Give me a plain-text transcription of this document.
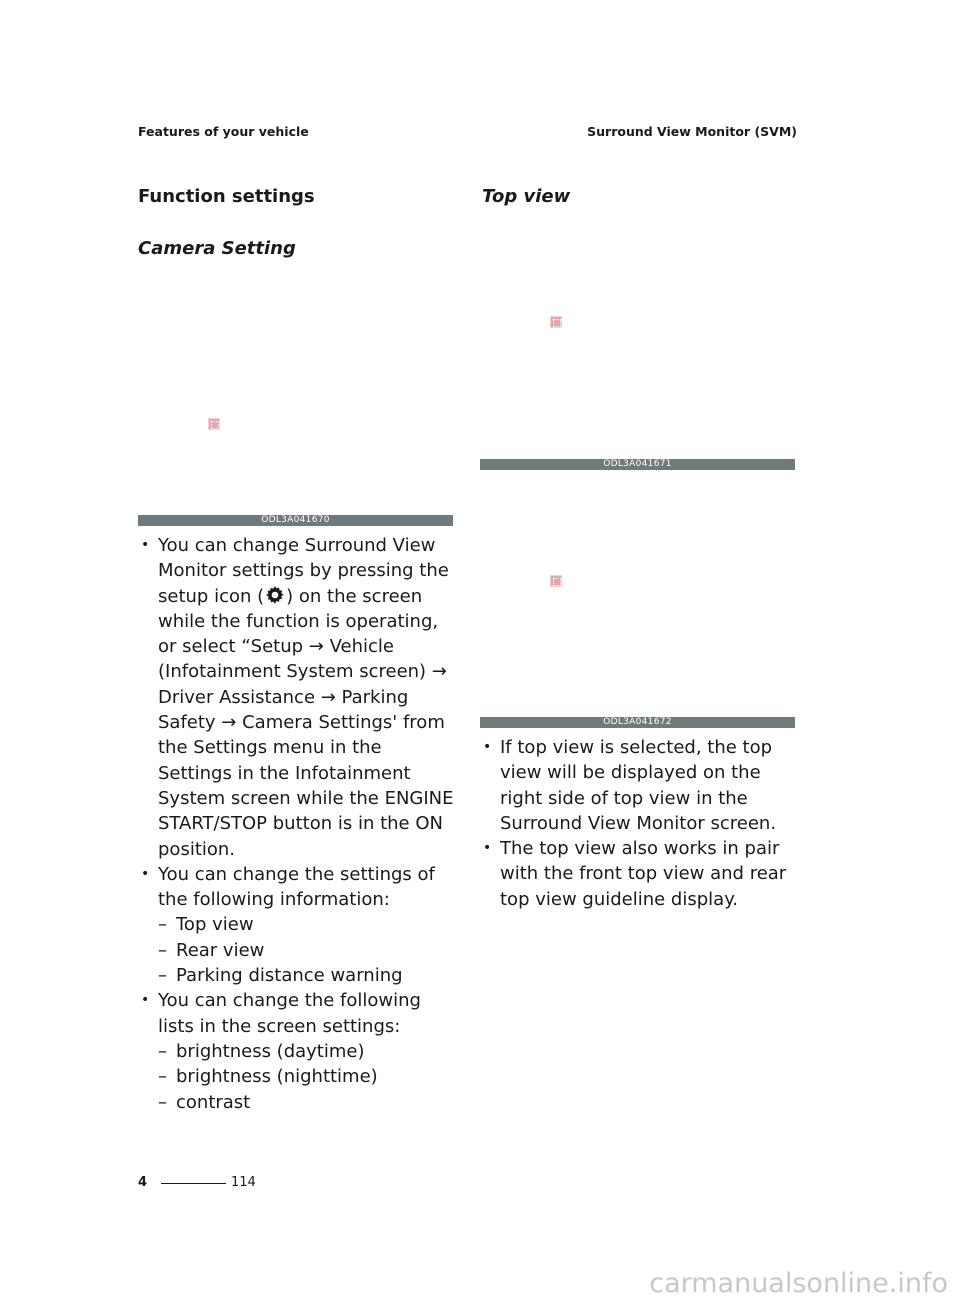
Features of your vehicle	Surround View Monitor (SVM)
Function settings
Camera Setting
ODL3A041670
• You can change Surround View Monitor settings by pressing the setup icon ( ) on the screen while the function is operating, or select “Setup → Vehicle (Infotainment System screen) → Driver Assistance → Parking Safety → Camera Settings' from the Settings menu in the Settings in the Infotainment System screen while the ENGINE START/STOP button is in the ON position.
• You can change the settings of the following information:
– Top view
– Rear view
– Parking distance warning
• You can change the following lists in the screen settings:
– brightness (daytime)
– brightness (nighttime)
– contrast
Top view
ODL3A041671
ODL3A041672
• If top view is selected, the top view will be displayed on the right side of top view in the Surround View Monitor screen.
• The top view also works in pair with the front top view and rear top view guideline display.
4	114
carmanualsonline.info
